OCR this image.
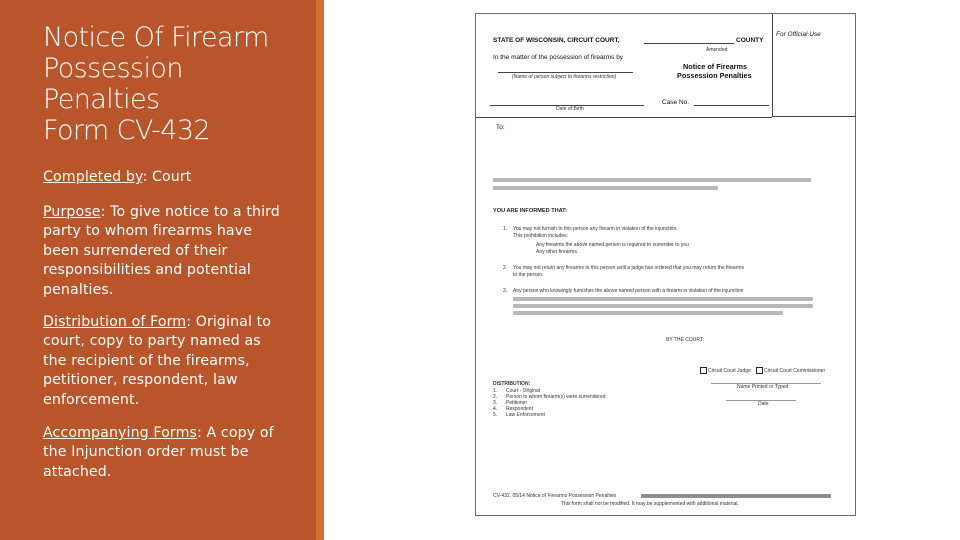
Notice Of Firearm
Possession
Penalties
Form CV-432
Completed by: Court
Purpose: To give notice to a third party to whom firearms have been surrendered of their responsibilities and potential penalties.
Distribution of Form: Original to court, copy to party named as the recipient of the firearms, petitioner, respondent, law enforcement.
Accompanying Forms: A copy of the Injunction order must be attached.
For Official Use
STATE OF WISCONSIN, CIRCUIT COURT,	COUNTY
Amended
In the matter of the possession of firearms by
(Name of person subject to firearms restriction)
Notice of Firearms
Possession Penalties
Date of Birth
Case No.
To:
YOU ARE INFORMED THAT:
1. You may not furnish to this person any firearm in violation of the injunction.
This prohibition includes:
Any firearms the above named person is required to surrender to you
Any other firearms.
2. You may not return any firearms to this person until a judge has ordered that you may return the firearms
to the person.
3. Any person who knowingly furnishes the above named person with a firearm in violation of the injunction
BY THE COURT:
Circuit Court Judge	Circuit Court Commissioner
Name Printed or Typed
Date
DISTRIBUTION:
1.
2.
3.
4.
5.
Court - Original
Person to whom firearm(s) were surrendered
Petitioner
Respondent
Law Enforcement
CV-432, 05/14 Notice of Firearms Possession Penalties
This form shall not be modified. It may be supplemented with additional material.
